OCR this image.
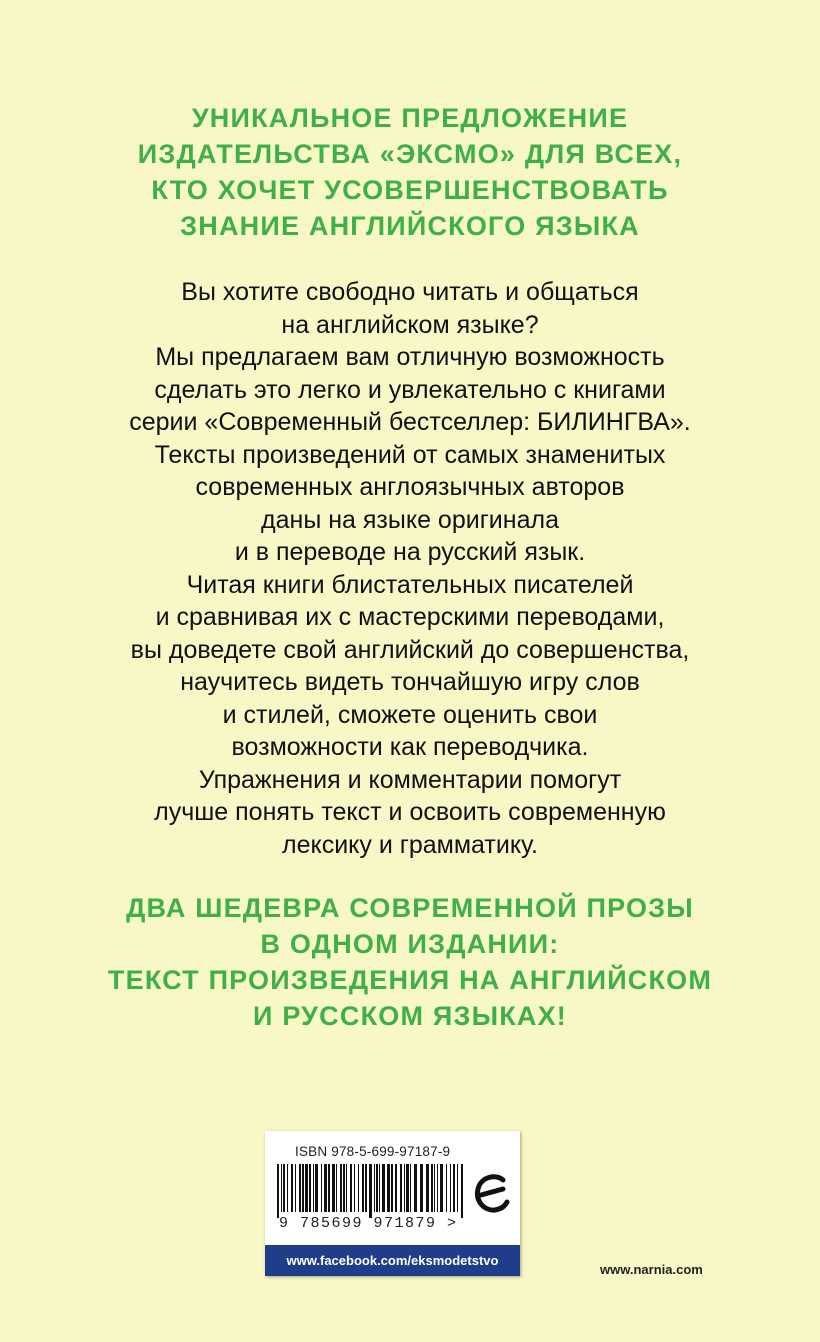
УНИКАЛЬНОЕ ПРЕДЛОЖЕНИЕ
ИЗДАТЕЛЬСТВА «ЭКСМО» ДЛЯ ВСЕХ,
КТО ХОЧЕТ УСОВЕРШЕНСТВОВАТЬ
ЗНАНИЕ АНГЛИЙСКОГО ЯЗЫКА
Вы хотите свободно читать и общаться
на английском языке?
Мы предлагаем вам отличную возможность
сделать это легко и увлекательно с книгами
серии «Современный бестселлер: БИЛИНГВА».
Тексты произведений от самых знаменитых
современных англоязычных авторов
даны на языке оригинала
и в переводе на русский язык.
Читая книги блистательных писателей
и сравнивая их с мастерскими переводами,
вы доведете свой английский до совершенства,
научитесь видеть тончайшую игру слов
и стилей, сможете оценить свои
возможности как переводчика.
Упражнения и комментарии помогут
лучше понять текст и освоить современную
лексику и грамматику.
ДВА ШЕДЕВРА СОВРЕМЕННОЙ ПРОЗЫ
В ОДНОМ ИЗДАНИИ:
ТЕКСТ ПРОИЗВЕДЕНИЯ НА АНГЛИЙСКОМ
И РУССКОМ ЯЗЫКАХ!
ISBN 978-5-699-97187-9
9 785699 971879 >
www.facebook.com/eksmodetstvo
www.narnia.com
